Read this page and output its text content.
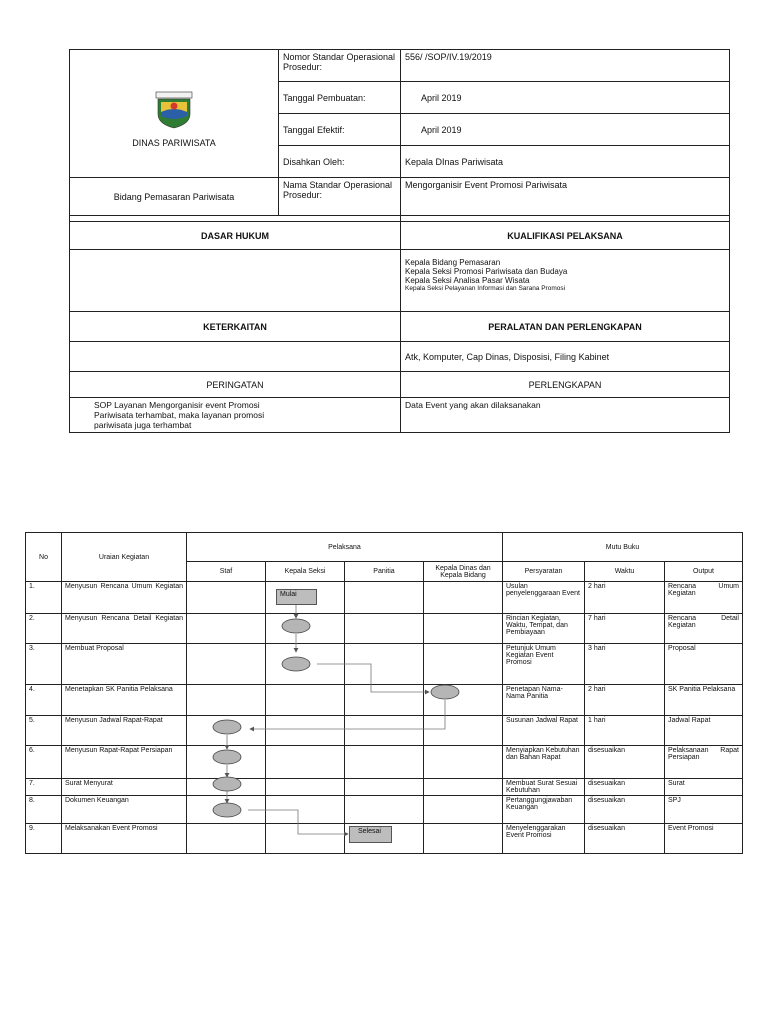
DINAS PARIWISATA	Nomor Standar Operasional Prosedur:	556/ /SOP/IV.19/2019
	Tanggal Pembuatan:	April 2019
	Tanggal Efektif:	April 2019
	Disahkan Oleh:	Kepala DInas Pariwisata
Bidang Pemasaran Pariwisata	Nama Standar Operasional Prosedur:	Mengorganisir Event Promosi Pariwisata

DASAR HUKUM		KUALIFIKASI PELAKSANA

		Kepala Bidang Pemasaran
Kepala Seksi Promosi Pariwisata dan Budaya
Kepala Seksi Analisa Pasar Wisata
Kepala Seksi Pelayanan Informasi dan Sarana Promosi

KETERKAITAN		PERALATAN DAN PERLENGKAPAN
		Atk, Komputer, Cap Dinas, Disposisi, Filing Kabinet
PERINGATAN		PERLENGKAPAN
SOP Layanan Mengorganisir event Promosi Pariwisata terhambat, maka layanan promosi pariwisata juga terhambat		Data Event yang akan dilaksanakan
No	Uraian Kegiatan	Pelaksana				Mutu Buku		
		Staf	Kepala Seksi	Panitia	Kepala Dinas dan Kepala Bidang	Persyaratan	Waktu	Output
1.	Menyusun Rencana Umum Kegiatan					Usulan penyelenggaraan Event	2 hari	Rencana Umum Kegiatan
2.	Menyusun Rencana Detail Kegiatan					Rincian Kegiatan, Waktu, Tempat, dan Pembiayaan	7 hari	Rencana Detail Kegiatan
3.	Membuat Proposal					Petunjuk Umum Kegiatan Event Promosi	3 hari	Proposal
4.	Menetapkan SK Panitia Pelaksana					Penetapan Nama-Nama Panitia	2 hari	SK Panitia Pelaksana
5.	Menyusun Jadwal Rapat-Rapat					Susunan Jadwal Rapat	1 hari	Jadwal Rapat
6.	Menyusun Rapat-Rapat Persiapan					Menyiapkan Kebutuhan dan Bahan Rapat	disesuaikan	Pelaksanaan Rapat Persiapan
7.	Surat Menyurat					Membuat Surat Sesuai Kebutuhan	disesuaikan	Surat
8.	Dokumen Keuangan					Pertanggungjawaban Keuangan	disesuaikan	SPJ
9.	Melaksanakan Event Promosi					Menyelenggarakan Event Promosi	disesuaikan	Event Promosi
Mulai
Selesai
